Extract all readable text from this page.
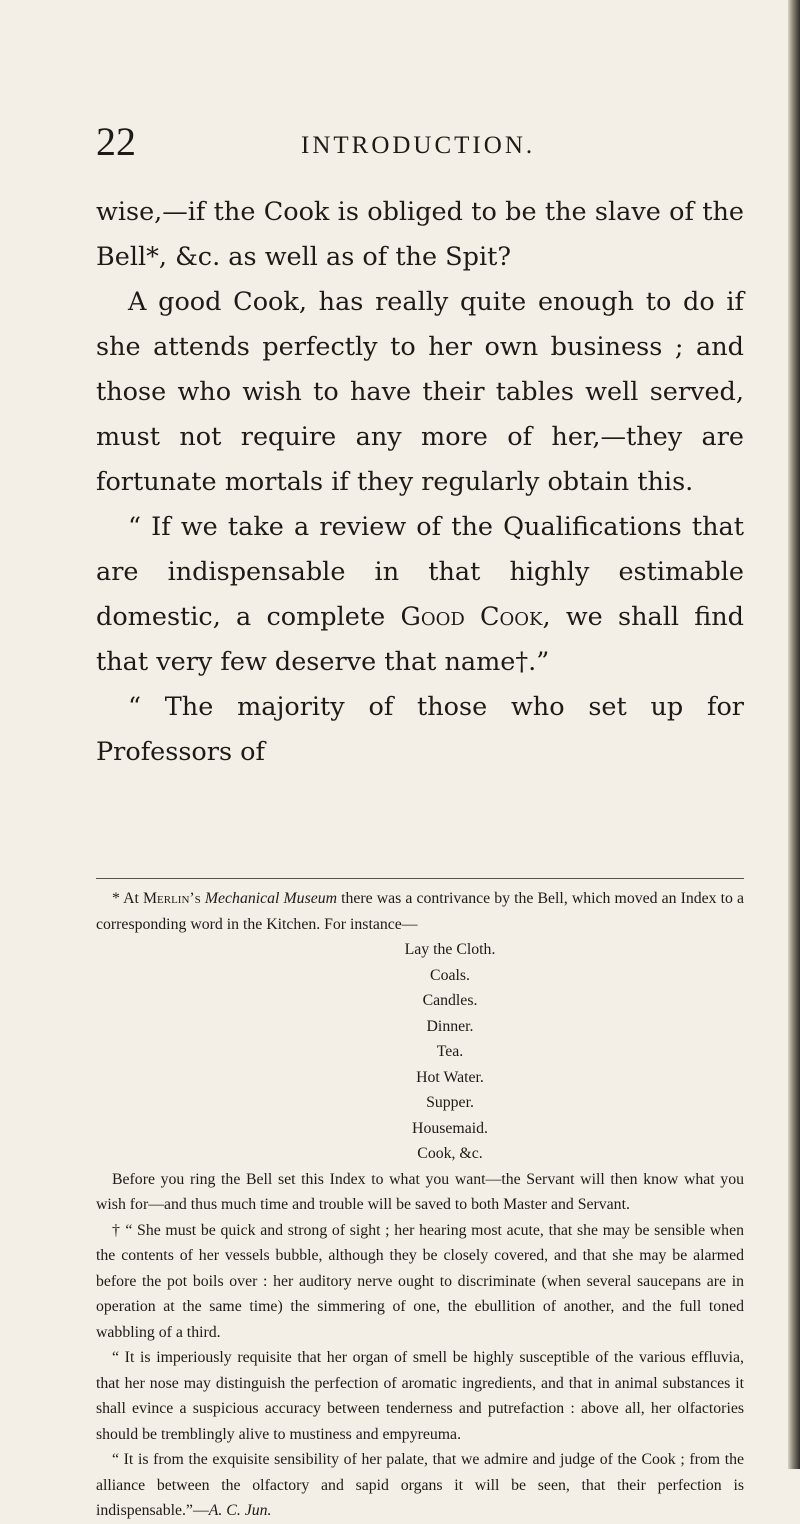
22	INTRODUCTION.

wise,—if the Cook is obliged to be the slave of the Bell*, &c. as well as of the Spit?

A good Cook, has really quite enough to do if she attends perfectly to her own business ; and those who wish to have their tables well served, must not require any more of her,—they are fortunate mortals if they regularly obtain this.

“ If we take a review of the Qualifications that are indispensable in that highly estimable domestic, a complete Good Cook, we shall find that very few deserve that name†.”

“ The majority of those who set up for Professors of

* At Merlin’s Mechanical Museum there was a contrivance by the Bell, which moved an Index to a corresponding word in the Kitchen. For instance—

Lay the Cloth.
Coals.
Candles.
Dinner.
Tea.
Hot Water.
Supper.
Housemaid.
Cook, &c.

Before you ring the Bell set this Index to what you want—the Servant will then know what you wish for—and thus much time and trouble will be saved to both Master and Servant.

† “ She must be quick and strong of sight ; her hearing most acute, that she may be sensible when the contents of her vessels bubble, although they be closely covered, and that she may be alarmed before the pot boils over : her auditory nerve ought to discriminate (when several saucepans are in operation at the same time) the simmering of one, the ebullition of another, and the full toned wabbling of a third.

“ It is imperiously requisite that her organ of smell be highly susceptible of the various effluvia, that her nose may distinguish the perfection of aromatic ingredients, and that in animal substances it shall evince a suspicious accuracy between tenderness and putrefaction : above all, her olfactories should be tremblingly alive to mustiness and empyreuma.

“ It is from the exquisite sensibility of her palate, that we admire and judge of the Cook ; from the alliance between the olfactory and sapid organs it will be seen, that their perfection is indispensable.”—A. C. Jun.
